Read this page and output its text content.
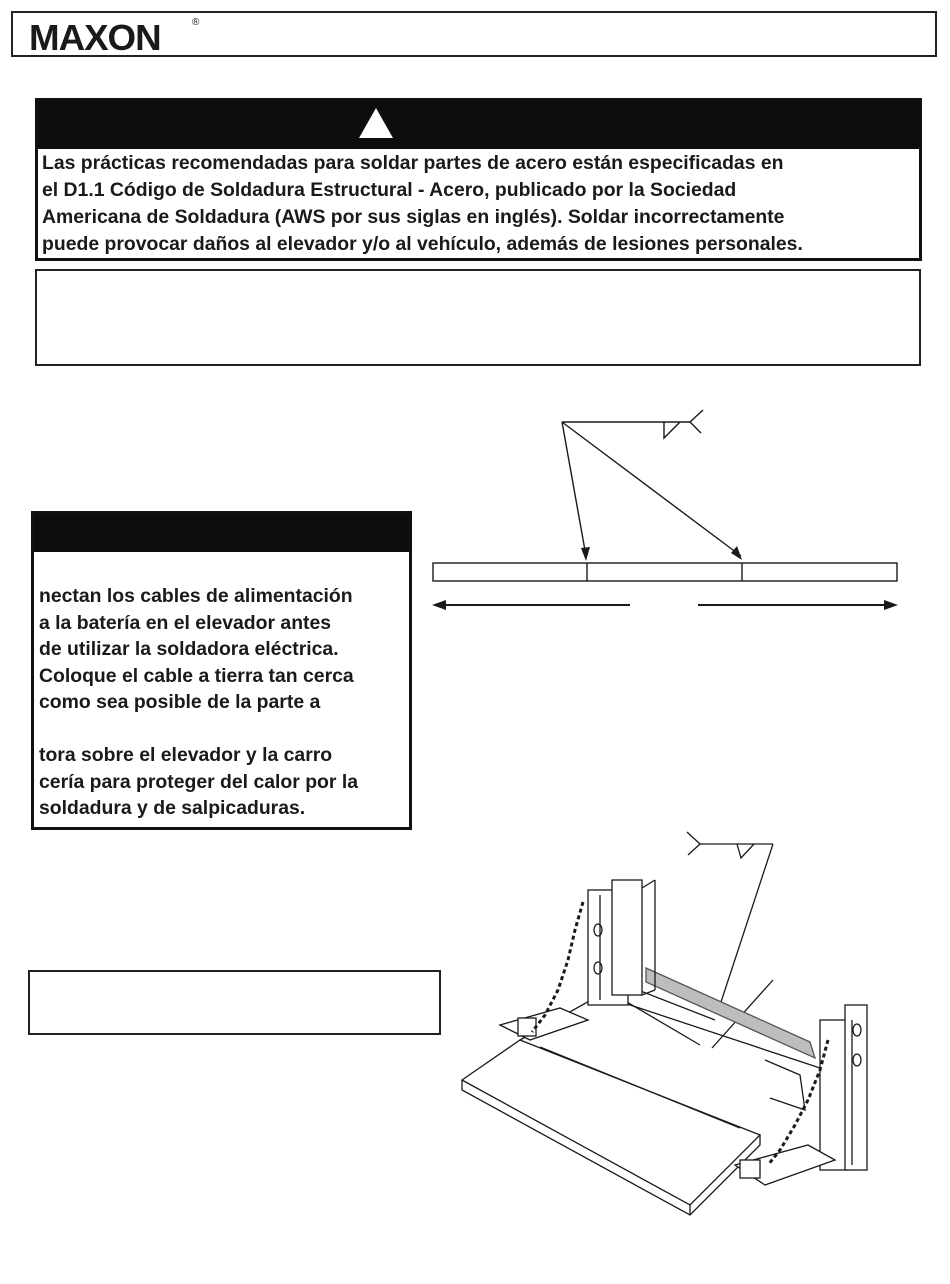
MAXON	®
Las prácticas recomendadas para soldar partes de acero están especificadas en
el D1.1 Código de Soldadura Estructural - Acero, publicado por la Sociedad
Americana de Soldadura (AWS por sus siglas en inglés). Soldar incorrectamente
puede provocar daños al elevador y/o al vehículo, además de lesiones personales.
nectan los cables de alimentación
a la batería en el elevador antes
de utilizar la soldadora eléctrica.
Coloque el cable a tierra tan cerca
como sea posible de la parte a
tora sobre el elevador y la carro
cería para proteger del calor por la
soldadura y de salpicaduras.
